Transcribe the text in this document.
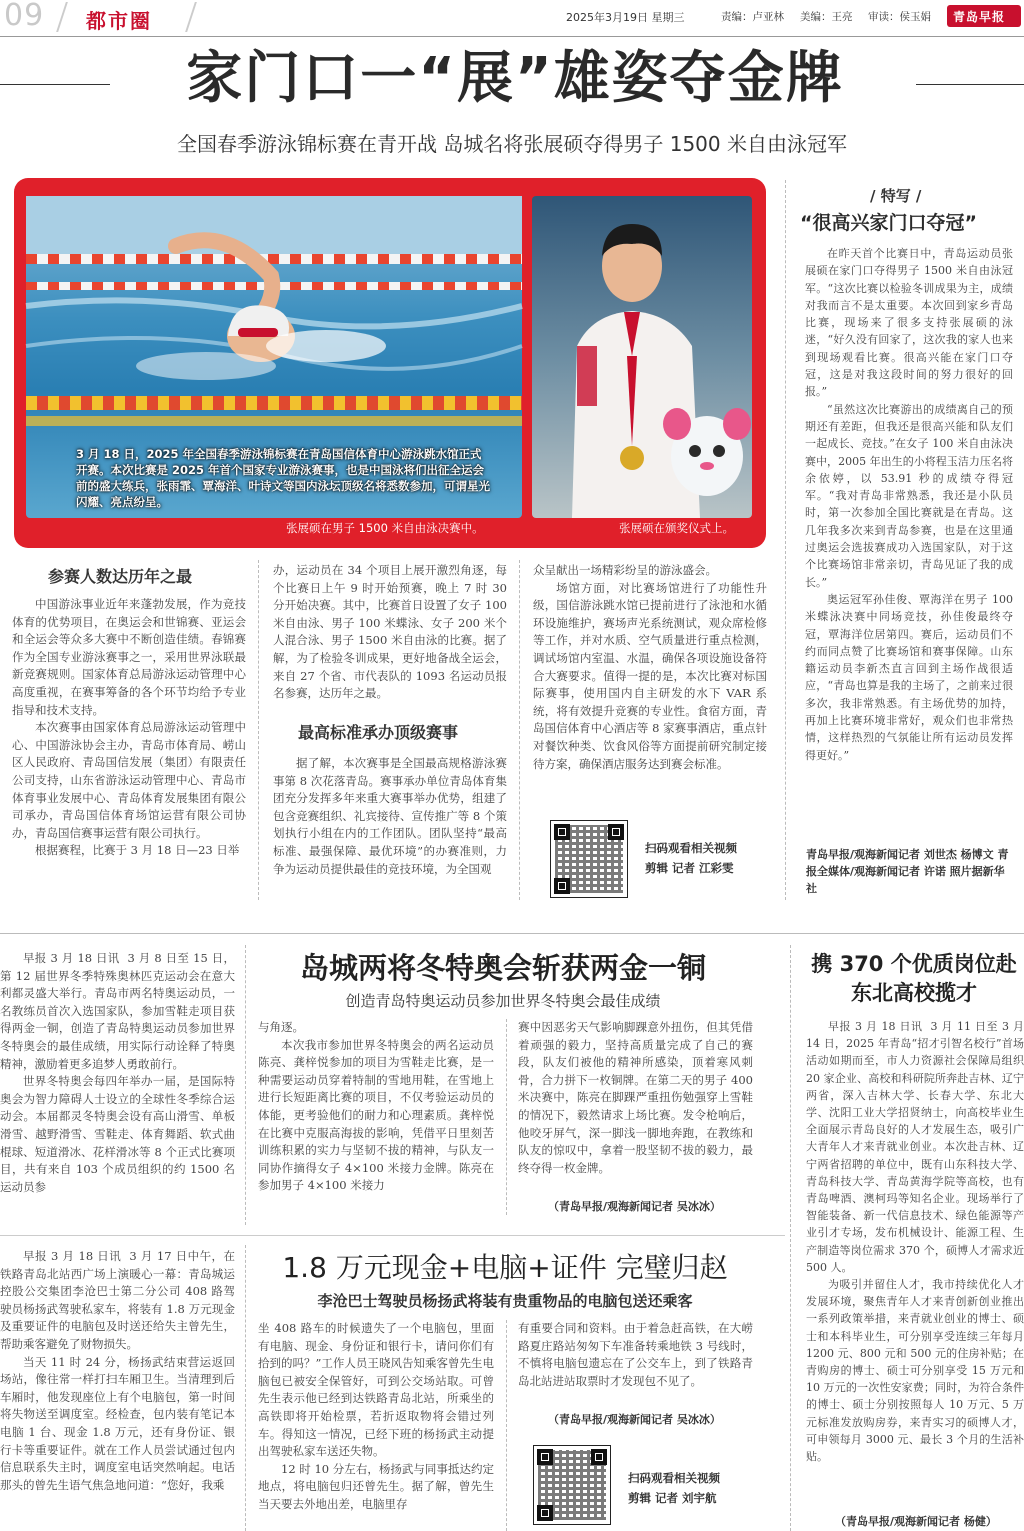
09 都市圈	2025年3月19日 星期三	责编：卢亚林 美编：王亮 审读：侯玉娟 青岛早报
家门口一“展”雄姿夺金牌
全国春季游泳锦标赛在青开战 岛城名将张展硕夺得男子 1500 米自由泳冠军
3 月 18 日，2025 年全国春季游泳锦标赛在青岛国信体育中心游泳跳水馆正式开赛。本次比赛是 2025 年首个国家专业游泳赛事，也是中国泳将们出征全运会前的盛大练兵，张雨霏、覃海洋、叶诗文等国内泳坛顶级名将悉数参加，可谓星光闪耀、亮点纷呈。
张展硕在男子 1500 米自由泳决赛中。	张展硕在颁奖仪式上。
参赛人数达历年之最

中国游泳事业近年来蓬勃发展，作为竞技体育的优势项目，在奥运会和世锦赛、亚运会和全运会等众多大赛中不断创造佳绩。春锦赛作为全国专业游泳赛事之一，采用世界泳联最新竞赛规则。国家体育总局游泳运动管理中心高度重视，在赛事筹备的各个环节均给予专业指导和技术支持。

本次赛事由国家体育总局游泳运动管理中心、中国游泳协会主办，青岛市体育局、崂山区人民政府、青岛国信发展（集团）有限责任公司支持，山东省游泳运动管理中心、青岛市体育事业发展中心、青岛体育发展集团有限公司承办，青岛国信体育场馆运营有限公司协办，青岛国信赛事运营有限公司执行。

根据赛程，比赛于 3 月 18 日—23 日举

办，运动员在 34 个项目上展开激烈角逐，每个比赛日上午 9 时开始预赛，晚上 7 时 30 分开始决赛。其中，比赛首日设置了女子 100 米自由泳、男子 100 米蝶泳、女子 200 米个人混合泳、男子 1500 米自由泳的比赛。据了解，为了检验冬训成果，更好地备战全运会，来自 27 个省、市代表队的 1093 名运动员报名参赛，达历年之最。

最高标准承办顶级赛事

据了解，本次赛事是全国最高规格游泳赛事第 8 次花落青岛。赛事承办单位青岛体育集团充分发挥多年来重大赛事举办优势，组建了包含竞赛组织、礼宾接待、宣传推广等 8 个策划执行小组在内的工作团队。团队坚持“最高标准、最强保障、最优环境”的办赛准则，力争为运动员提供最佳的竞技环境，为全国观

众呈献出一场精彩纷呈的游泳盛会。

场馆方面，对比赛场馆进行了功能性升级，国信游泳跳水馆已提前进行了泳池和水循环设施维护，赛场声光系统测试，观众席检修等工作，并对水质、空气质量进行重点检测，调试场馆内室温、水温，确保各项设施设备符合大赛要求。值得一提的是，本次比赛对标国际赛事，使用国内自主研发的水下 VAR 系统，将有效提升竞赛的专业性。食宿方面，青岛国信体育中心酒店等 8 家赛事酒店，重点针对餐饮种类、饮食风俗等方面提前研究制定接待方案，确保酒店服务达到赛会标准。

扫码观看相关视频
剪辑 记者 江彩雯
/ 特写 /
“很高兴家门口夺冠”

在昨天首个比赛日中，青岛运动员张展硕在家门口夺得男子 1500 米自由泳冠军。“这次比赛以检验冬训成果为主，成绩对我而言不是太重要。本次回到家乡青岛比赛，现场来了很多支持张展硕的泳迷，“好久没有回家了，这次我的家人也来到现场观看比赛。很高兴能在家门口夺冠，这是对我这段时间的努力很好的回报。”

“虽然这次比赛游出的成绩离自己的预期还有差距，但我还是很高兴能和队友们一起成长、竞技。”在女子 100 米自由泳决赛中，2005 年出生的小将程玉洁力压名将余依婷，以 53.91 秒的成绩夺得冠军。“我对青岛非常熟悉，我还是小队员时，第一次参加全国比赛就是在青岛。这几年我多次来到青岛参赛，也是在这里通过奥运会选拔赛成功入选国家队，对于这个比赛场馆非常亲切，青岛见证了我的成长。”

奥运冠军孙佳俊、覃海洋在男子 100 米蝶泳决赛中同场竞技，孙佳俊最终夺冠，覃海洋位居第四。赛后，运动员们不约而同点赞了比赛场馆和赛事保障。山东籍运动员李新杰直言回到主场作战很适应，“青岛也算是我的主场了，之前来过很多次，我非常熟悉。有主场优势的加持，再加上比赛环境非常好，观众们也非常热情，这样热烈的气氛能让所有运动员发挥得更好。”

青岛早报/观海新闻记者 刘世杰 杨博文 青报全媒体/观海新闻记者 许诺 照片据新华社

早报 3 月 18 日讯  3 月 8 日至 15 日，第 12 届世界冬季特殊奥林匹克运动会在意大利都灵盛大举行。青岛市两名特奥运动员，一名教练员首次入选国家队，参加雪鞋走项目获得两金一铜，创造了青岛特奥运动员参加世界冬特奥会的最佳成绩，用实际行动诠释了特奥精神，激励着更多追梦人勇敢前行。

世界冬特奥会每四年举办一届，是国际特奥会为智力障碍人士设立的全球性冬季综合运动会。本届都灵冬特奥会设有高山滑雪、单板滑雪、越野滑雪、雪鞋走、体育舞蹈、软式曲棍球、短道滑冰、花样滑冰等 8 个正式比赛项目，共有来自 103 个成员组织的约 1500 名运动员参

岛城两将冬特奥会斩获两金一铜
创造青岛特奥运动员参加世界冬特奥会最佳成绩

与角逐。

本次我市参加世界冬特奥会的两名运动员陈亮、龚梓悦参加的项目为雪鞋走比赛，是一种需要运动员穿着特制的雪地用鞋，在雪地上进行长短距离比赛的项目，不仅考验运动员的体能，更考验他们的耐力和心理素质。龚梓悦在比赛中克服高海拔的影响，凭借平日里刻苦训练积累的实力与坚韧不拔的精神，与队友一同协作摘得女子 4×100 米接力金牌。陈亮在参加男子 4×100 米接力

赛中因恶劣天气影响脚踝意外扭伤，但其凭借着顽强的毅力，坚持高质量完成了自己的赛段，队友们被他的精神所感染，顶着寒风刺骨，合力拼下一枚铜牌。在第二天的男子 400 米决赛中，陈亮在脚踝严重扭伤勉强穿上雪鞋的情况下，毅然请求上场比赛。发令枪响后，他咬牙屏气，深一脚浅一脚地奔跑，在教练和队友的惊叹中，拿着一股坚韧不拔的毅力，最终夺得一枚金牌。

（青岛早报/观海新闻记者 吴冰冰）
携 370 个优质岗位赴东北高校揽才

早报 3 月 18 日讯  3 月 11 日至 3 月 14 日，2025 年青岛“招才引智名校行”首场活动如期而至，市人力资源社会保障局组织 20 家企业、高校和科研院所奔赴吉林、辽宁两省，深入吉林大学、长春大学、东北大学、沈阳工业大学招贤纳士，向高校毕业生全面展示青岛良好的人才发展生态，吸引广大青年人才来青就业创业。本次赴吉林、辽宁两省招聘的单位中，既有山东科技大学、青岛科技大学、青岛黄海学院等高校，也有青岛啤酒、澳柯玛等知名企业。现场举行了智能装备、新一代信息技术、绿色能源等产业引才专场，发布机械设计、能源工程、生产制造等岗位需求 370 个，硕博人才需求近 500 人。

为吸引并留住人才，我市持续优化人才发展环境，聚焦青年人才来青创新创业推出一系列政策举措，来青就业创业的博士、硕士和本科毕业生，可分别享受连续三年每月 1200 元、800 元和 500 元的住房补贴；在青购房的博士、硕士可分别享受 15 万元和 10 万元的一次性安家费；同时，为符合条件的博士、硕士分别按照每人 10 万元、5 万元标准发放购房券，来青实习的硕博人才，可申领每月 3000 元、最长 3 个月的生活补贴。

（青岛早报/观海新闻记者 杨健）

早报 3 月 18 日讯  3 月 17 日中午，在铁路青岛北站西广场上演暖心一幕：青岛城运控股公交集团李沧巴士第二分公司 408 路驾驶员杨扬武驾驶私家车，将装有 1.8 万元现金及重要证件的电脑包及时送还给失主曾先生，帮助乘客避免了财物损失。

当天 11 时 24 分，杨扬武结束营运返回场站，像往常一样打扫车厢卫生。当清理到后车厢时，他发现座位上有个电脑包，第一时间将失物送至调度室。经检查，包内装有笔记本电脑 1 台、现金 1.8 万元，还有身份证、银行卡等重要证件。就在工作人员尝试通过包内信息联系失主时，调度室电话突然响起。电话那头的曾先生语气焦急地问道：“您好，我乘

1.8 万元现金+电脑+证件 完璧归赵
李沧巴士驾驶员杨扬武将装有贵重物品的电脑包送还乘客

坐 408 路车的时候遗失了一个电脑包，里面有电脑、现金、身份证和银行卡，请问你们有拾到的吗？”工作人员王晓风告知乘客曾先生电脑包已被安全保管好，可到公交场站取。可曾先生表示他已经到达铁路青岛北站，所乘坐的高铁即将开始检票，若折返取物将会错过列车。得知这一情况，已经下班的杨扬武主动提出驾驶私家车送还失物。

12 时 10 分左右，杨扬武与同事抵达约定地点，将电脑包归还曾先生。据了解，曾先生当天要去外地出差，电脑里存

有重要合同和资料。由于着急赶高铁，在大崂路夏庄路站匆匆下车准备转乘地铁 3 号线时，不慎将电脑包遗忘在了公交车上，到了铁路青岛北站进站取票时才发现包不见了。

（青岛早报/观海新闻记者 吴冰冰）
扫码观看相关视频
剪辑 记者 刘宇航
